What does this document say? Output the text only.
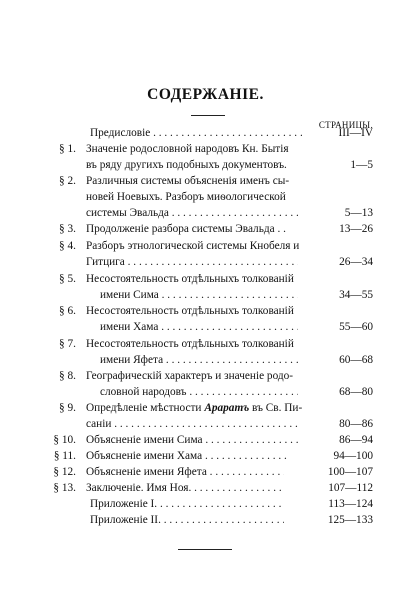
СОДЕРЖАНІЕ.
СТРАНИЦЫ.
Предисловіе . . .	III—IV
§ 1. Значеніе родословной народовъ Кн. Бытія
въ ряду другихъ подобныхъ документовъ.	1—5
§ 2. Различныя системы объясненія именъ сы-
новей Ноевыхъ. Разборъ миѳологической
системы Эвальда . . .	5—13
§ 3. Продолженіе разбора системы Эвальда . . .	13—26
§ 4. Разборъ этнологической системы Кнобеля и
Гитцига . . .	26—34
§ 5. Несостоятельность отдѣльныхъ толкованій
имени Сима . . .	34—55
§ 6. Несостоятельность отдѣльныхъ толкованій
имени Хама . . .	55—60
§ 7. Несостоятельность отдѣльныхъ толкованій
имени Яфета . . .	60—68
§ 8. Географическій характеръ и значеніе родо-
словной народовъ . . .	68—80
§ 9. Опредѣленіе мѣстности Араратъ въ Св. Пи-
саніи . . .	80—86
§ 10. Объясненіе имени Сима . . .	86—94
§ 11. Объясненіе имени Хама . . .	94—100
§ 12. Объясненіе имени Яфета . . .	100—107
§ 13. Заключеніе. Имя Ноя. . . .	107—112
Приложеніе I. . . .	113—124
Приложеніе II. . . .	125—133
